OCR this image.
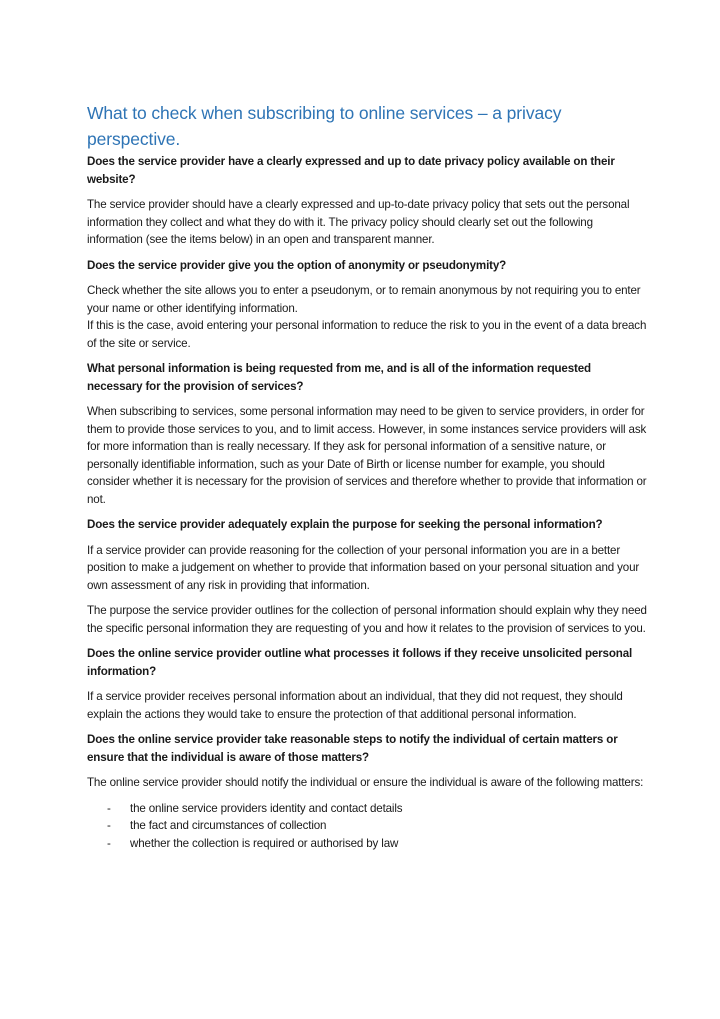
What to check when subscribing to online services – a privacy perspective.

Does the service provider have a clearly expressed and up to date privacy policy available on their website?

The service provider should have a clearly expressed and up-to-date privacy policy that sets out the personal information they collect and what they do with it. The privacy policy should clearly set out the following information (see the items below) in an open and transparent manner.

Does the service provider give you the option of anonymity or pseudonymity?

Check whether the site allows you to enter a pseudonym, or to remain anonymous by not requiring you to enter your name or other identifying information.
If this is the case, avoid entering your personal information to reduce the risk to you in the event of a data breach of the site or service.

What personal information is being requested from me, and is all of the information requested necessary for the provision of services?

When subscribing to services, some personal information may need to be given to service providers, in order for them to provide those services to you, and to limit access. However, in some instances service providers will ask for more information than is really necessary. If they ask for personal information of a sensitive nature, or personally identifiable information, such as your Date of Birth or license number for example, you should consider whether it is necessary for the provision of services and therefore whether to provide that information or not.

Does the service provider adequately explain the purpose for seeking the personal information?

If a service provider can provide reasoning for the collection of your personal information you are in a better position to make a judgement on whether to provide that information based on your personal situation and your own assessment of any risk in providing that information.

The purpose the service provider outlines for the collection of personal information should explain why they need the specific personal information they are requesting of you and how it relates to the provision of services to you.

Does the online service provider outline what processes it follows if they receive unsolicited personal information?

If a service provider receives personal information about an individual, that they did not request, they should explain the actions they would take to ensure the protection of that additional personal information.

Does the online service provider take reasonable steps to notify the individual of certain matters or ensure that the individual is aware of those matters?

The online service provider should notify the individual or ensure the individual is aware of the following matters:

- the online service providers identity and contact details
- the fact and circumstances of collection
- whether the collection is required or authorised by law
